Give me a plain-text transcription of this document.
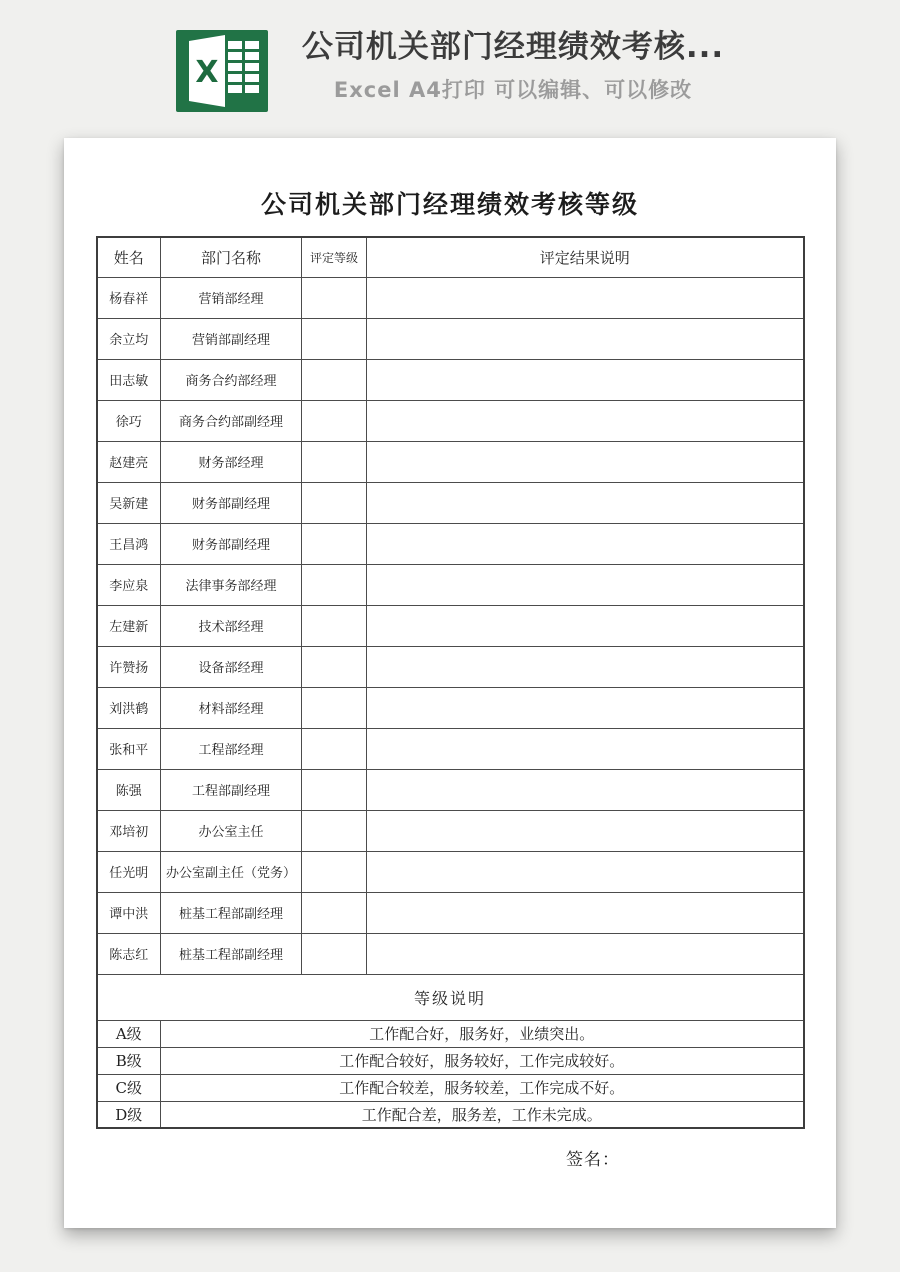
X
公司机关部门经理绩效考核...

Excel A4打印 可以编辑、可以修改

公司机关部门经理绩效考核等级
姓名	部门名称	评定等级	评定结果说明
杨春祥	营销部经理		
余立均	营销部副经理		
田志敏	商务合约部经理		
徐巧	商务合约部副经理		
赵建亮	财务部经理		
吴新建	财务部副经理		
王昌鸿	财务部副经理		
李应泉	法律事务部经理		
左建新	技术部经理		
许赞扬	设备部经理		
刘洪鹤	材料部经理		
张和平	工程部经理		
陈强	工程部副经理		
邓培初	办公室主任		
任光明	办公室副主任（党务）		
谭中洪	桩基工程部副经理		
陈志红	桩基工程部副经理		
等级说明			
A级	工作配合好，服务好，业绩突出。		
B级	工作配合较好，服务较好，工作完成较好。		
C级	工作配合较差，服务较差，工作完成不好。		
D级	工作配合差，服务差，工作未完成。		
签名：
